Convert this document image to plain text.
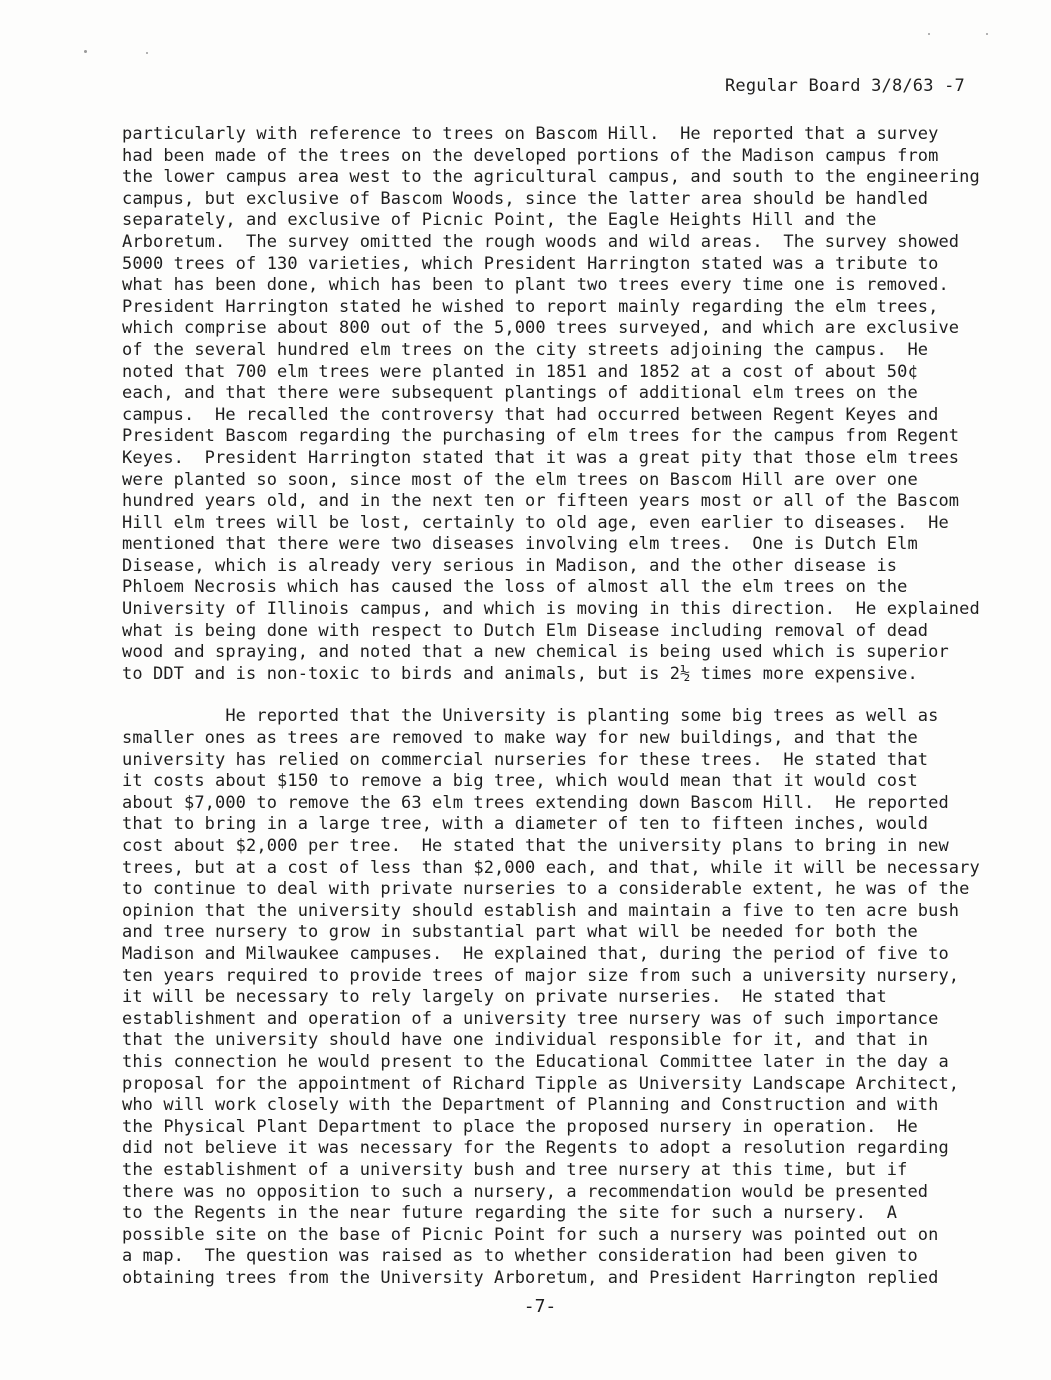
Regular Board 3/8/63 -7
particularly with reference to trees on Bascom Hill.  He reported that a survey
had been made of the trees on the developed portions of the Madison campus from
the lower campus area west to the agricultural campus, and south to the engineering
campus, but exclusive of Bascom Woods, since the latter area should be handled
separately, and exclusive of Picnic Point, the Eagle Heights Hill and the
Arboretum.  The survey omitted the rough woods and wild areas.  The survey showed
5000 trees of 130 varieties, which President Harrington stated was a tribute to
what has been done, which has been to plant two trees every time one is removed.
President Harrington stated he wished to report mainly regarding the elm trees,
which comprise about 800 out of the 5,000 trees surveyed, and which are exclusive
of the several hundred elm trees on the city streets adjoining the campus.  He
noted that 700 elm trees were planted in 1851 and 1852 at a cost of about 50¢
each, and that there were subsequent plantings of additional elm trees on the
campus.  He recalled the controversy that had occurred between Regent Keyes and
President Bascom regarding the purchasing of elm trees for the campus from Regent
Keyes.  President Harrington stated that it was a great pity that those elm trees
were planted so soon, since most of the elm trees on Bascom Hill are over one
hundred years old, and in the next ten or fifteen years most or all of the Bascom
Hill elm trees will be lost, certainly to old age, even earlier to diseases.  He
mentioned that there were two diseases involving elm trees.  One is Dutch Elm
Disease, which is already very serious in Madison, and the other disease is
Phloem Necrosis which has caused the loss of almost all the elm trees on the
University of Illinois campus, and which is moving in this direction.  He explained
what is being done with respect to Dutch Elm Disease including removal of dead
wood and spraying, and noted that a new chemical is being used which is superior
to DDT and is non-toxic to birds and animals, but is 2½ times more expensive.
He reported that the University is planting some big trees as well as
smaller ones as trees are removed to make way for new buildings, and that the
university has relied on commercial nurseries for these trees.  He stated that
it costs about $150 to remove a big tree, which would mean that it would cost
about $7,000 to remove the 63 elm trees extending down Bascom Hill.  He reported
that to bring in a large tree, with a diameter of ten to fifteen inches, would
cost about $2,000 per tree.  He stated that the university plans to bring in new
trees, but at a cost of less than $2,000 each, and that, while it will be necessary
to continue to deal with private nurseries to a considerable extent, he was of the
opinion that the university should establish and maintain a five to ten acre bush
and tree nursery to grow in substantial part what will be needed for both the
Madison and Milwaukee campuses.  He explained that, during the period of five to
ten years required to provide trees of major size from such a university nursery,
it will be necessary to rely largely on private nurseries.  He stated that
establishment and operation of a university tree nursery was of such importance
that the university should have one individual responsible for it, and that in
this connection he would present to the Educational Committee later in the day a
proposal for the appointment of Richard Tipple as University Landscape Architect,
who will work closely with the Department of Planning and Construction and with
the Physical Plant Department to place the proposed nursery in operation.  He
did not believe it was necessary for the Regents to adopt a resolution regarding
the establishment of a university bush and tree nursery at this time, but if
there was no opposition to such a nursery, a recommendation would be presented
to the Regents in the near future regarding the site for such a nursery.  A
possible site on the base of Picnic Point for such a nursery was pointed out on
a map.  The question was raised as to whether consideration had been given to
obtaining trees from the University Arboretum, and President Harrington replied
-7-
